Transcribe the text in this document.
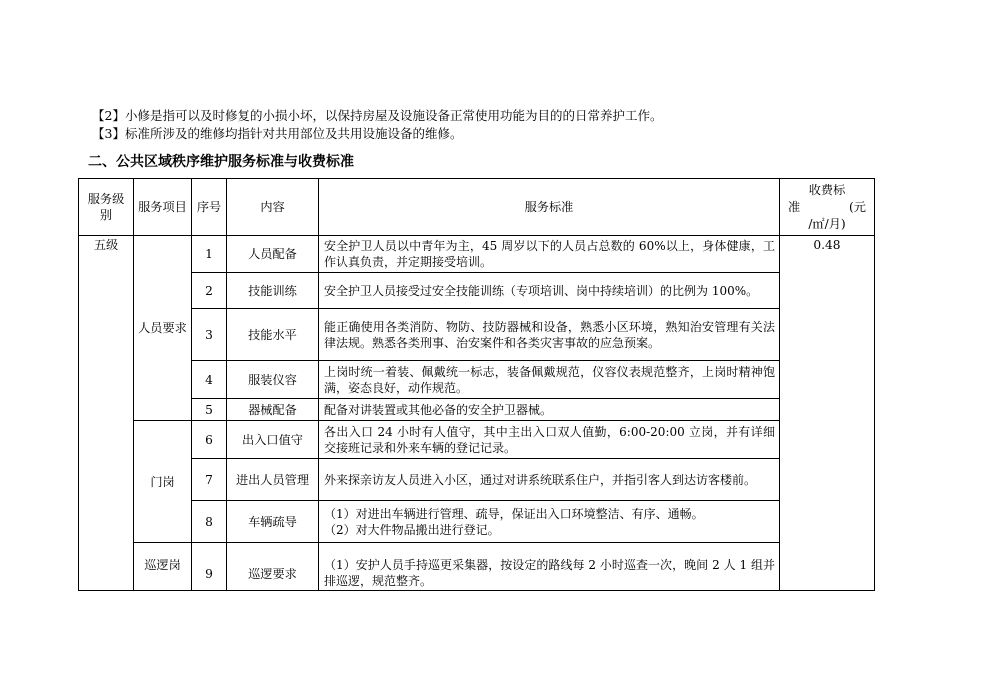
【2】小修是指可以及时修复的小损小坏，以保持房屋及设施设备正常使用功能为目的的日常养护工作。
【3】标准所涉及的维修均指针对共用部位及共用设施设备的维修。
二、公共区域秩序维护服务标准与收费标准
服务级别	服务项目	序号	内容	服务标准	收费标
准 (元
/㎡/月)

五级	人员要求	1	人员配备	安全护卫人员以中青年为主，45 周岁以下的人员占总数的 60%以上，身体健康，工作认真负责，并定期接受培训。	0.48
		2	技能训练	安全护卫人员接受过安全技能训练（专项培训、岗中持续培训）的比例为 100%。	
		3	技能水平	能正确使用各类消防、物防、技防器械和设备，熟悉小区环境，熟知治安管理有关法律法规。熟悉各类刑事、治安案件和各类灾害事故的应急预案。	
		4	服装仪容	上岗时统一着装、佩戴统一标志，装备佩戴规范，仪容仪表规范整齐，上岗时精神饱满，姿态良好，动作规范。	
		5	器械配备	配备对讲装置或其他必备的安全护卫器械。	
	门岗	6	出入口值守	各出入口 24 小时有人值守，其中主出入口双人值勤，6:00-20:00 立岗，并有详细交接班记录和外来车辆的登记记录。	
		7	进出人员管理	外来探亲访友人员进入小区，通过对讲系统联系住户，并指引客人到达访客楼前。	
		8	车辆疏导	（1）对进出车辆进行管理、疏导，保证出入口环境整洁、有序、通畅。
（2）对大件物品搬出进行登记。	

	巡逻岗	9	巡逻要求	（1）安护人员手持巡更采集器，按设定的路线每 2 小时巡查一次，晚间 2 人 1 组并排巡逻，规范整齐。	
